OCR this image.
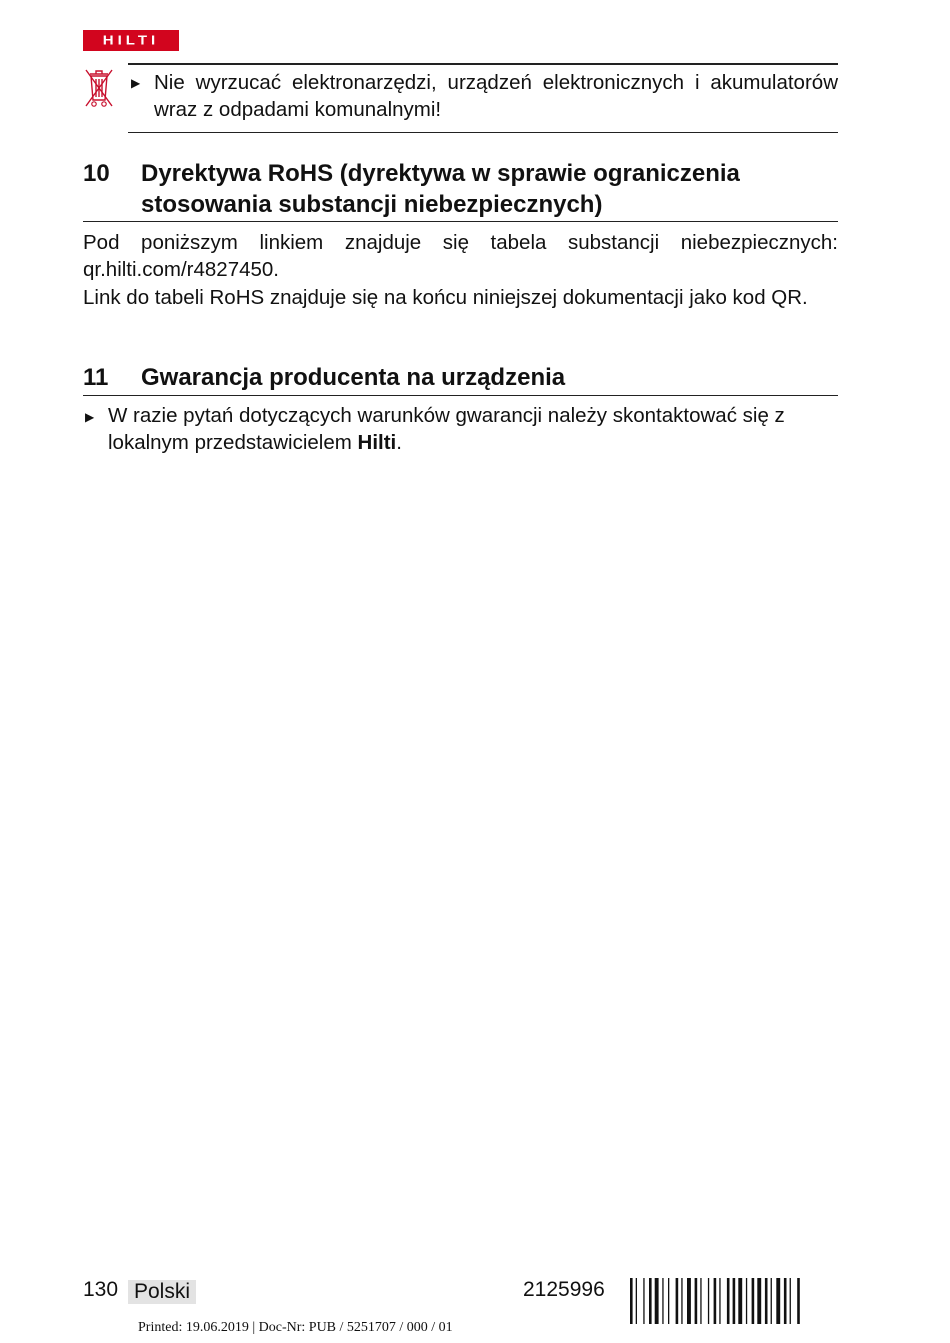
HILTI
▶ Nie wyrzucać elektronarzędzi, urządzeń elektronicznych i akumulatorów wraz z odpadami komunalnymi!
10 Dyrektywa RoHS (dyrektywa w sprawie ograniczenia stosowania substancji niebezpiecznych)
Pod poniższym linkiem znajduje się tabela substancji niebezpiecznych: qr.hilti.com/r4827450.
Link do tabeli RoHS znajduje się na końcu niniejszej dokumentacji jako kod QR.
11 Gwarancja producenta na urządzenia
▶ W razie pytań dotyczących warunków gwarancji należy skontaktować się z lokalnym przedstawicielem Hilti.
130 Polski	2125996
Printed: 19.06.2019 | Doc-Nr: PUB / 5251707 / 000 / 01
